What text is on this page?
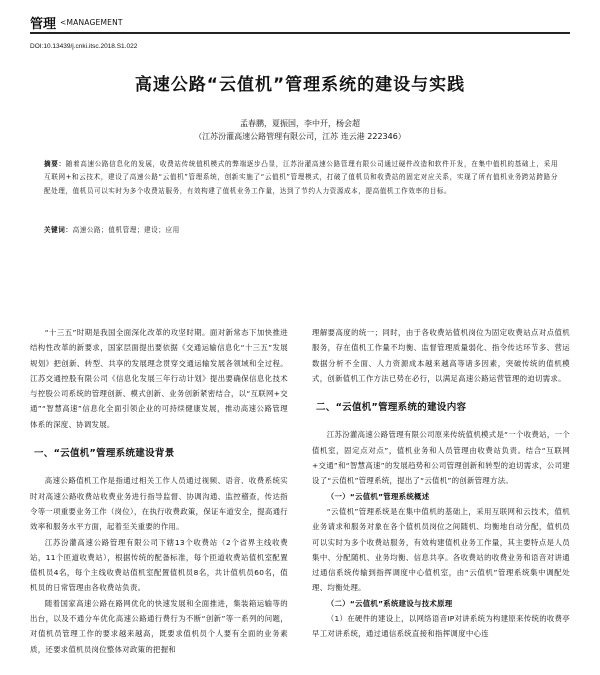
管理 <MANAGEMENT
DOI:10.13439/j.cnki.itsc.2018.S1.022
高速公路“云值机”管理系统的建设与实践
孟春鹏，夏振国，李中开，杨会超
（江苏汾灌高速公路管理有限公司，江苏 连云港 222346）
摘要：随着高速公路信息化的发展，收费站传统值机模式的弊端逐步凸显，江苏汾灌高速公路管理有限公司通过硬件改造和软件开发，在集中值机的基础上，采用互联网+和云技术，建设了高速公路“云值机”管理系统，创新实施了“云值机”管理模式，打破了值机员和收费站的固定对应关系，实现了所有值机业务跨站跨路分配处理，值机员可以实时为多个收费站服务，有效构建了值机业务工作量，达到了节约人力资源成本，提高值机工作效率的目标。
关键词：高速公路；值机管理；建设；应用

“十三五”时期是我国全面深化改革的攻坚时期。面对新常态下加快推进结构性改革的新要求，国家层面提出要依据《交通运输信息化“十三五”发展规划》把创新、转型、共享的发展理念贯穿交通运输发展各领域和全过程。江苏交通控股有限公司《信息化发展三年行动计划》提出要确保信息化技术与控股公司系统的管理创新、模式创新、业务创新紧密结合，以“互联网+交通”“智慧高速”信息化全面引领企业的可持续健康发展，推动高速公路管理体系的深度、协调发展。

一、“云值机”管理系统建设背景

高速公路值机工作是指通过相关工作人员通过视频、语音、收费系统实时对高速公路收费站收费业务进行指导监督、协调沟通、监控稽查，传达指令等一项重要业务工作（岗位），在执行收费政策，保证车道安全，提高通行效率和服务水平方面，起着至关重要的作用。

江苏汾灌高速公路管理有限公司下辖13个收费站（2个省界主线收费站，11个匝道收费站），根据传统的配备标准，每个匝道收费站值机室配置值机员4名，每个主线收费站值机室配置值机员8名，共计值机员60名，值机员的日常管理由各收费站负责。

随着国家高速公路在路网优化的快速发展和全面推进，集装箱运输等的出台，以及不通分车优化高速公路通行费行为不断“创新”等一系列的问题，对值机员管理工作的要求越来越高，既要求值机员个人要有全面的业务素质，还要求值机员岗位整体对政策的把握和

理解要高度的统一；同时，由于各收费站值机岗位为固定收费站点对点值机服务，存在值机工作量不均衡、监督管理质量弱化、指令传达环节多、营运数据分析不全面、人力资源成本越来越高等诸多因素，突破传统的值机模式，创新值机工作方法已势在必行，以满足高速公路运营管理的迫切需求。

二、“云值机”管理系统的建设内容

江苏汾灌高速公路管理有限公司原来传统值机模式是“一个收费站，一个值机室，固定点对点”，值机业务和人员管理由收费站负责。结合“互联网+交通”和“智慧高速”的发展趋势和公司管理创新和转型的迫切需求，公司建设了“云值机”管理系统，提出了“云值机”的创新管理方法。

（一）“云值机”管理系统概述

“云值机”管理系统是在集中值机的基础上，采用互联网和云技术，值机业务请求和服务对象在各个值机员岗位之间随机、均衡地自动分配，值机员可以实时为多个收费站服务，有效构建值机业务工作量，其主要特点是人员集中、分配随机、业务均衡、信息共享。各收费站的收费业务和语音对讲通过通信系统传输到指挥调度中心值机室，由“云值机”管理系统集中调配处理、均衡处理。

（二）“云值机”系统建设与技术原理

（1）在硬件的建设上，以网络语音IP对讲系统为构建原来传统的收费亭早工对讲系统，通过通信系统直接和指挥调度中心连
